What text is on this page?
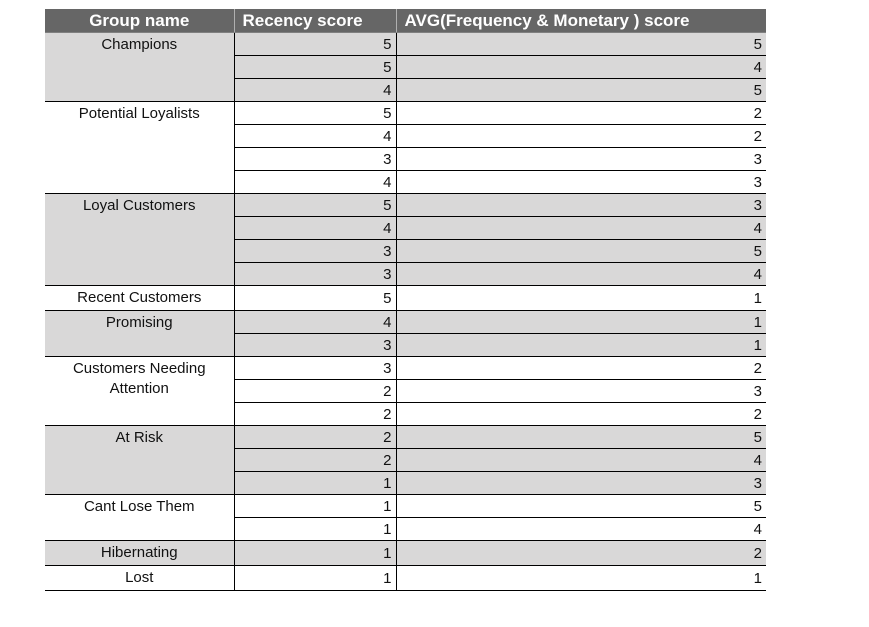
Group name	Recency score	AVG(Frequency & Monetary ) score
Champions	5	5
	5	4
	4	5
Potential Loyalists	5	2
	4	2
	3	3
	4	3
Loyal Customers	5	3
	4	4
	3	5
	3	4
Recent Customers	5	1
Promising	4	1
	3	1
Customers Needing Attention	3	2
	2	3
	2	2
At Risk	2	5
	2	4
	1	3
Cant Lose Them	1	5
	1	4
Hibernating	1	2
Lost	1	1
